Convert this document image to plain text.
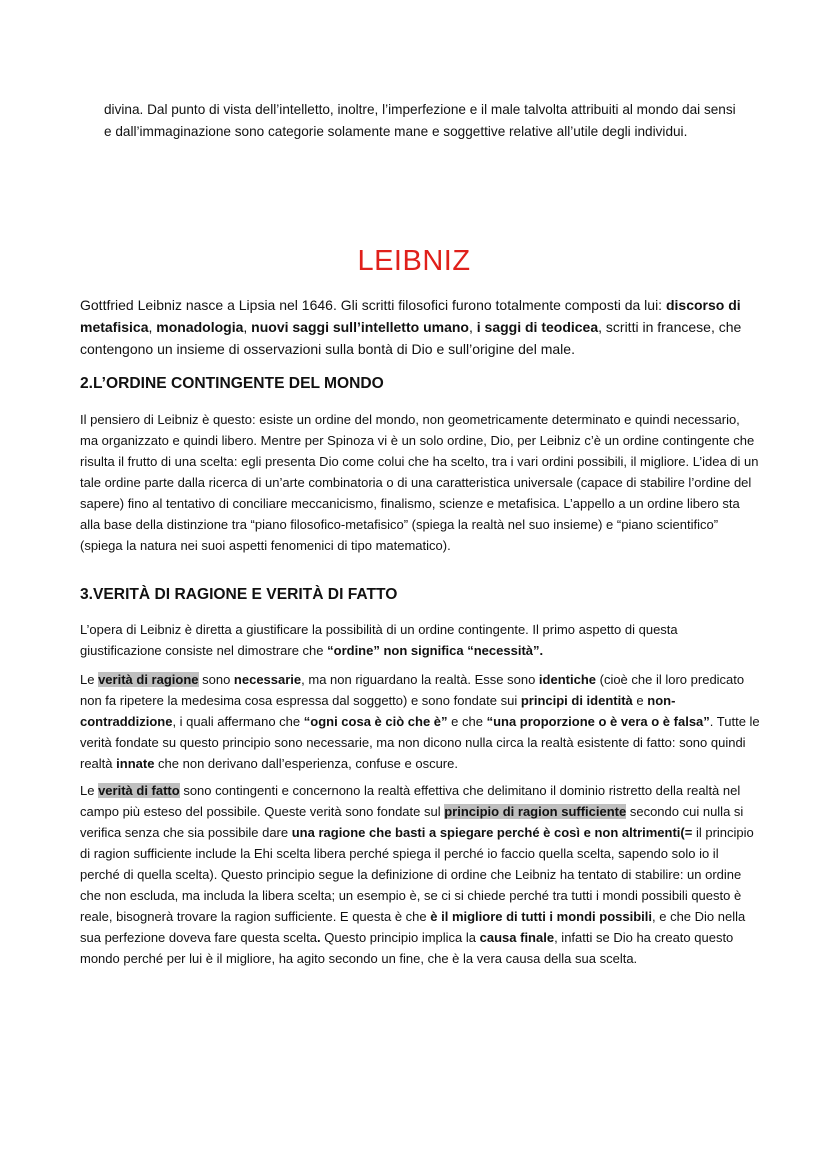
divina. Dal punto di vista dell’intelletto, inoltre, l’imperfezione e il male talvolta attribuiti al mondo dai sensi e dall’immaginazione sono categorie solamente mane e soggettive relative all’utile degli individui.

LEIBNIZ

Gottfried Leibniz nasce a Lipsia nel 1646. Gli scritti filosofici furono totalmente composti da lui: discorso di metafisica, monadologia, nuovi saggi sull’intelletto umano, i saggi di teodicea, scritti in francese, che contengono un insieme di osservazioni sulla bontà di Dio e sull’origine del male.

2.L’ORDINE CONTINGENTE DEL MONDO

Il pensiero di Leibniz è questo: esiste un ordine del mondo, non geometricamente determinato e quindi necessario, ma organizzato e quindi libero. Mentre per Spinoza vi è un solo ordine, Dio, per Leibniz c’è un ordine contingente che risulta il frutto di una scelta: egli presenta Dio come colui che ha scelto, tra i vari ordini possibili, il migliore. L’idea di un tale ordine parte dalla ricerca di un’arte combinatoria o di una caratteristica universale (capace di stabilire l’ordine del sapere) fino al tentativo di conciliare meccanicismo, finalismo, scienze e metafisica. L’appello a un ordine libero sta alla base della distinzione tra “piano filosofico-metafisico” (spiega la realtà nel suo insieme) e “piano scientifico” (spiega la natura nei suoi aspetti fenomenici di tipo matematico).

3.VERITÀ DI RAGIONE E VERITÀ DI FATTO

L’opera di Leibniz è diretta a giustificare la possibilità di un ordine contingente. Il primo aspetto di questa giustificazione consiste nel dimostrare che “ordine” non significa “necessità”.

Le verità di ragione sono necessarie, ma non riguardano la realtà. Esse sono identiche (cioè che il loro predicato non fa ripetere la medesima cosa espressa dal soggetto) e sono fondate sui principi di identità e non-contraddizione, i quali affermano che “ogni cosa è ciò che è” e che “una proporzione o è vera o è falsa”. Tutte le verità fondate su questo principio sono necessarie, ma non dicono nulla circa la realtà esistente di fatto: sono quindi realtà innate che non derivano dall’esperienza, confuse e oscure.

Le verità di fatto sono contingenti e concernono la realtà effettiva che delimitano il dominio ristretto della realtà nel campo più esteso del possibile. Queste verità sono fondate sul principio di ragion sufficiente secondo cui nulla si verifica senza che sia possibile dare una ragione che basti a spiegare perché è così e non altrimenti(= il principio di ragion sufficiente include la Ehi scelta libera perché spiega il perché io faccio quella scelta, sapendo solo io il perché di quella scelta). Questo principio segue la definizione di ordine che Leibniz ha tentato di stabilire: un ordine che non escluda, ma includa la libera scelta; un esempio è, se ci si chiede perché tra tutti i mondi possibili questo è reale, bisognerà trovare la ragion sufficiente. E questa è che è il migliore di tutti i mondi possibili, e che Dio nella sua perfezione doveva fare questa scelta. Questo principio implica la causa finale, infatti se Dio ha creato questo mondo perché per lui è il migliore, ha agito secondo un fine, che è la vera causa della sua scelta.
